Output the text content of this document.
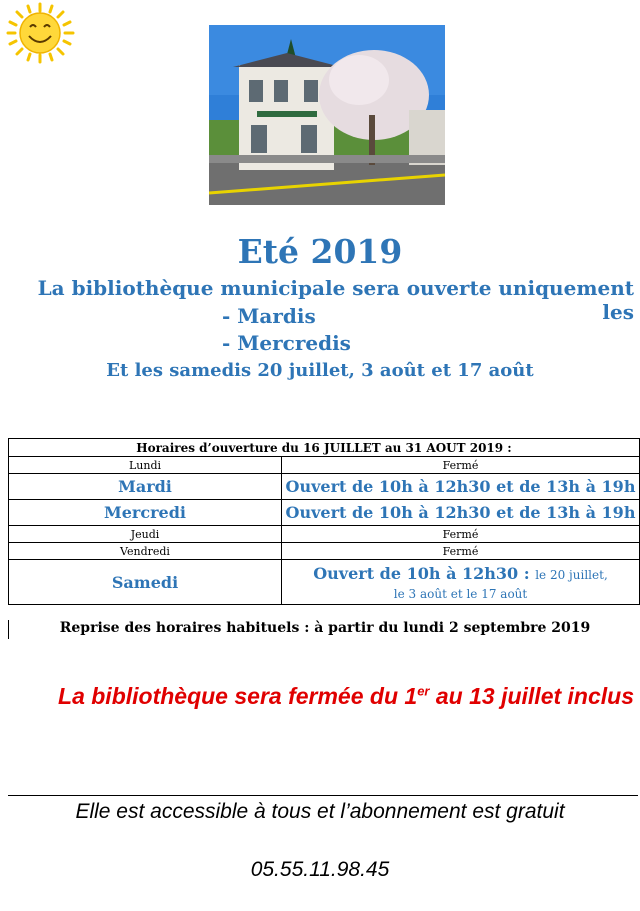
Eté 2019
La bibliothèque municipale sera ouverte uniquement les
- Mardis
- Mercredis
Et les samedis 20 juillet, 3 août et 17 août
Horaires d’ouverture du 16 JUILLET au 31 AOUT 2019 :	
Lundi	Fermé
Mardi	Ouvert de 10h à 12h30 et de 13h à 19h
Mercredi	Ouvert de 10h à 12h30 et de 13h à 19h
Jeudi	Fermé
Vendredi	Fermé
Samedi	Ouvert de 10h à 12h30 : le 20 juillet,
le 3 août et le 17 août
Reprise des horaires habituels : à partir du lundi 2 septembre 2019
La bibliothèque sera fermée du 1er au 13 juillet inclus
Elle est accessible à tous et l’abonnement est gratuit
05.55.11.98.45
